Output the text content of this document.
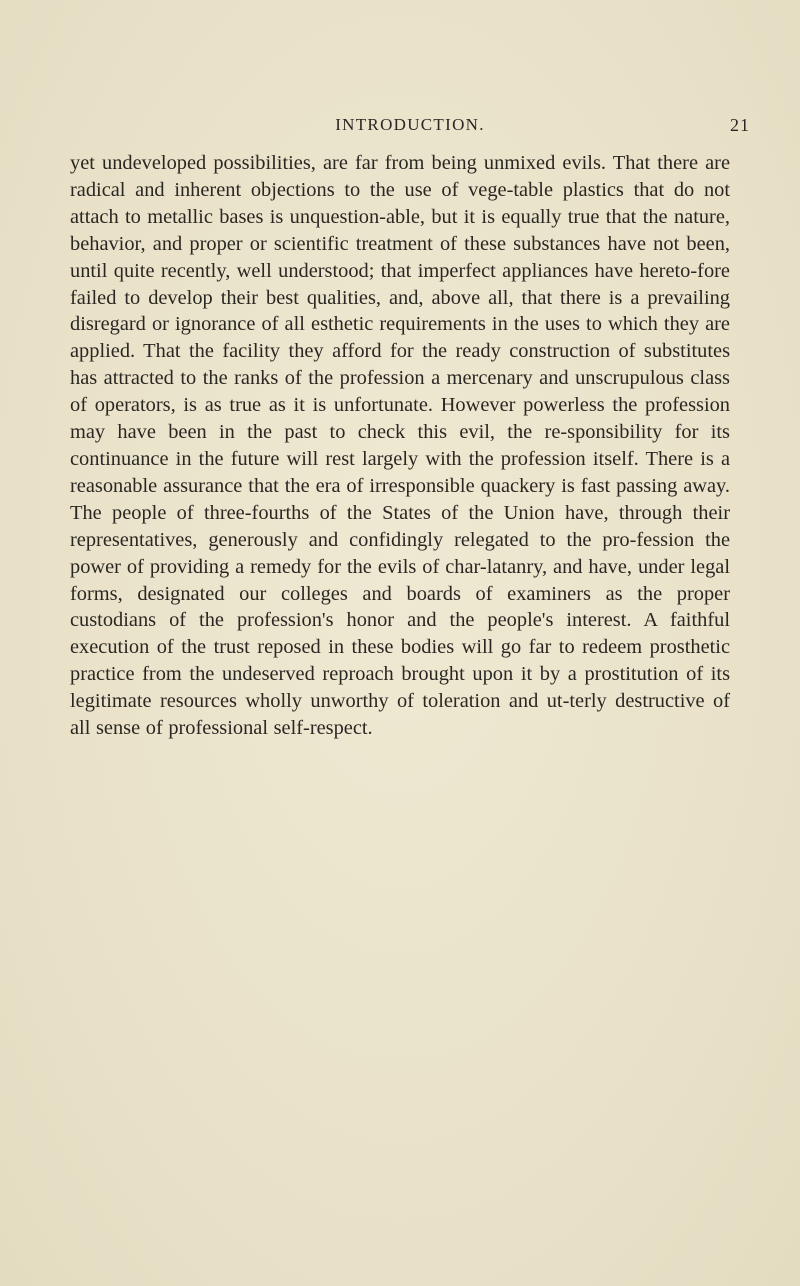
INTRODUCTION.	21

yet undeveloped possibilities, are far from being unmixed evils. That there are radical and inherent objections to the use of vege-table plastics that do not attach to metallic bases is unquestion-able, but it is equally true that the nature, behavior, and proper or scientific treatment of these substances have not been, until quite recently, well understood; that imperfect appliances have hereto-fore failed to develop their best qualities, and, above all, that there is a prevailing disregard or ignorance of all esthetic requirements in the uses to which they are applied. That the facility they afford for the ready construction of substitutes has attracted to the ranks of the profession a mercenary and unscrupulous class of operators, is as true as it is unfortunate. However powerless the profession may have been in the past to check this evil, the re-sponsibility for its continuance in the future will rest largely with the profession itself. There is a reasonable assurance that the era of irresponsible quackery is fast passing away. The people of three-fourths of the States of the Union have, through their representatives, generously and confidingly relegated to the pro-fession the power of providing a remedy for the evils of char-latanry, and have, under legal forms, designated our colleges and boards of examiners as the proper custodians of the profession's honor and the people's interest. A faithful execution of the trust reposed in these bodies will go far to redeem prosthetic practice from the undeserved reproach brought upon it by a prostitution of its legitimate resources wholly unworthy of toleration and ut-terly destructive of all sense of professional self-respect.
